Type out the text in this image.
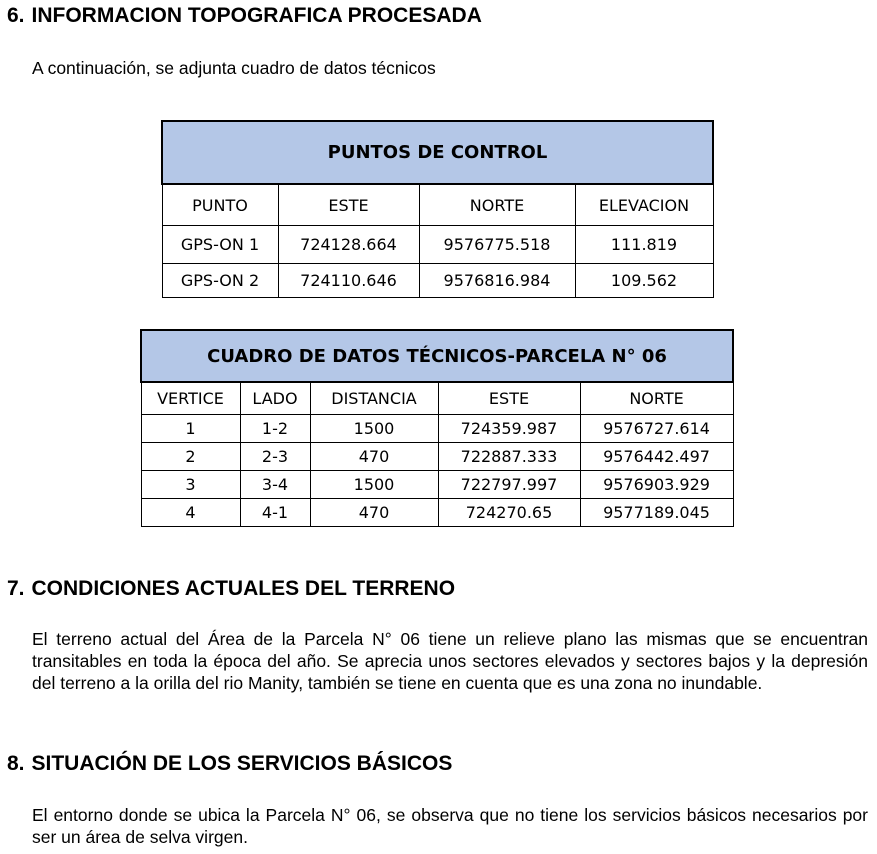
6. INFORMACION TOPOGRAFICA PROCESADA

A continuación, se adjunta cuadro de datos técnicos

PUNTOS DE CONTROL			
PUNTO	ESTE	NORTE	ELEVACION
GPS-ON 1	724128.664	9576775.518	111.819
GPS-ON 2	724110.646	9576816.984	109.562
CUADRO DE DATOS TÉCNICOS-PARCELA N° 06				
VERTICE	LADO	DISTANCIA	ESTE	NORTE
1	1-2	1500	724359.987	9576727.614
2	2-3	470	722887.333	9576442.497
3	3-4	1500	722797.997	9576903.929
4	4-1	470	724270.65	9577189.045
7. CONDICIONES ACTUALES DEL TERRENO

El terreno actual del Área de la Parcela N° 06 tiene un relieve plano las mismas que se encuentran transitables en toda la época del año. Se aprecia unos sectores elevados y sectores bajos y la depresión del terreno a la orilla del rio Manity, también se tiene en cuenta que es una zona no inundable.

8. SITUACIÓN DE LOS SERVICIOS BÁSICOS

El entorno donde se ubica la Parcela N° 06, se observa que no tiene los servicios básicos necesarios por ser un área de selva virgen.
